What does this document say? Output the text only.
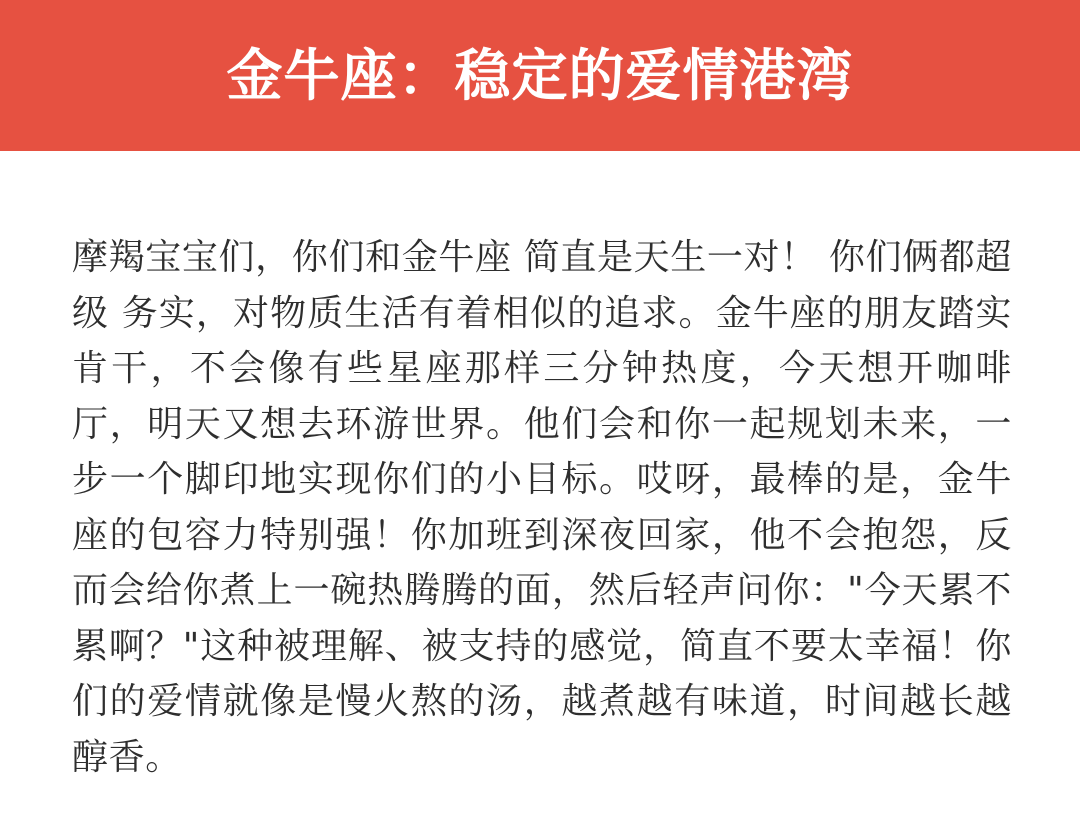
金牛座：稳定的爱情港湾

摩羯宝宝们，你们和金牛座 简直是天生一对！ 你们俩都超级 务实，对物质生活有着相似的追求。金牛座的朋友踏实肯干，不会像有些星座那样三分钟热度，今天想开咖啡厅，明天又想去环游世界。他们会和你一起规划未来，一步一个脚印地实现你们的小目标。哎呀，最棒的是，金牛座的包容力特别强！你加班到深夜回家，他不会抱怨，反而会给你煮上一碗热腾腾的面，然后轻声问你："今天累不累啊？"这种被理解、被支持的感觉，简直不要太幸福！你们的爱情就像是慢火熬的汤，越煮越有味道，时间越长越醇香。
